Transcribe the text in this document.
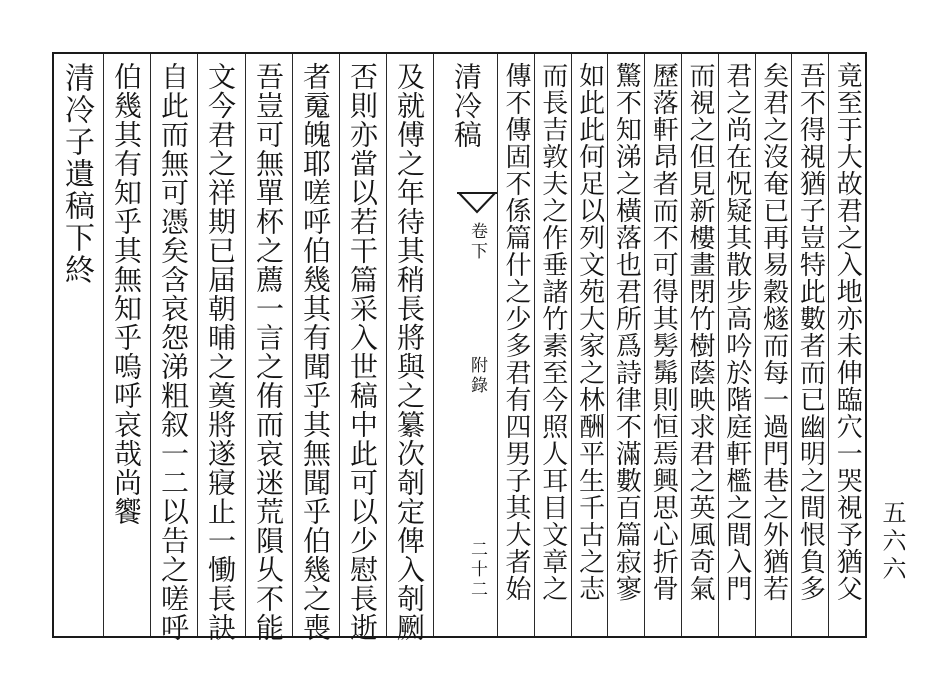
清冷子遺稿下終 伯幾其有知乎其無知乎嗚呼哀哉尚饗 自此而無可憑矣含哀怨涕粗叙一二以告之嗟呼 文今君之祥期已届朝晡之奠將遂寢止一慟長訣 吾豈可無單杯之薦一言之侑而哀迷荒隕乆不能 者䰟魄耶嗟呼伯幾其有聞乎其無聞乎伯幾之喪 否則亦當以若干篇采入世稿中此可以少慰長逝 及就傅之年待其稍長將與之纂次剞定俾入剞劂 清冷稿
卷下
附錄
二十二	五六六
傳不傳固不係篇什之少多君有四男子其大者始 而長吉敦夫之作垂諸竹素至今照人耳目文章之 如此此何足以列文苑大家之林酬平生千古之志 驚不知涕之橫落也君所爲詩律不滿數百篇寂寥 歷落軒昂者而不可得其髣髴則恒焉興思心折骨 而視之但見新樓畫閉竹樹蔭映求君之英風奇氣 君之尚在怳疑其散步高吟於階庭軒檻之間入門 矣君之沒奄已再易穀燧而每一過門巷之外猶若 吾不得視猶子豈特此數者而已幽明之間恨負多 竟至于大故君之入地亦未伸臨穴一哭視予猶父
